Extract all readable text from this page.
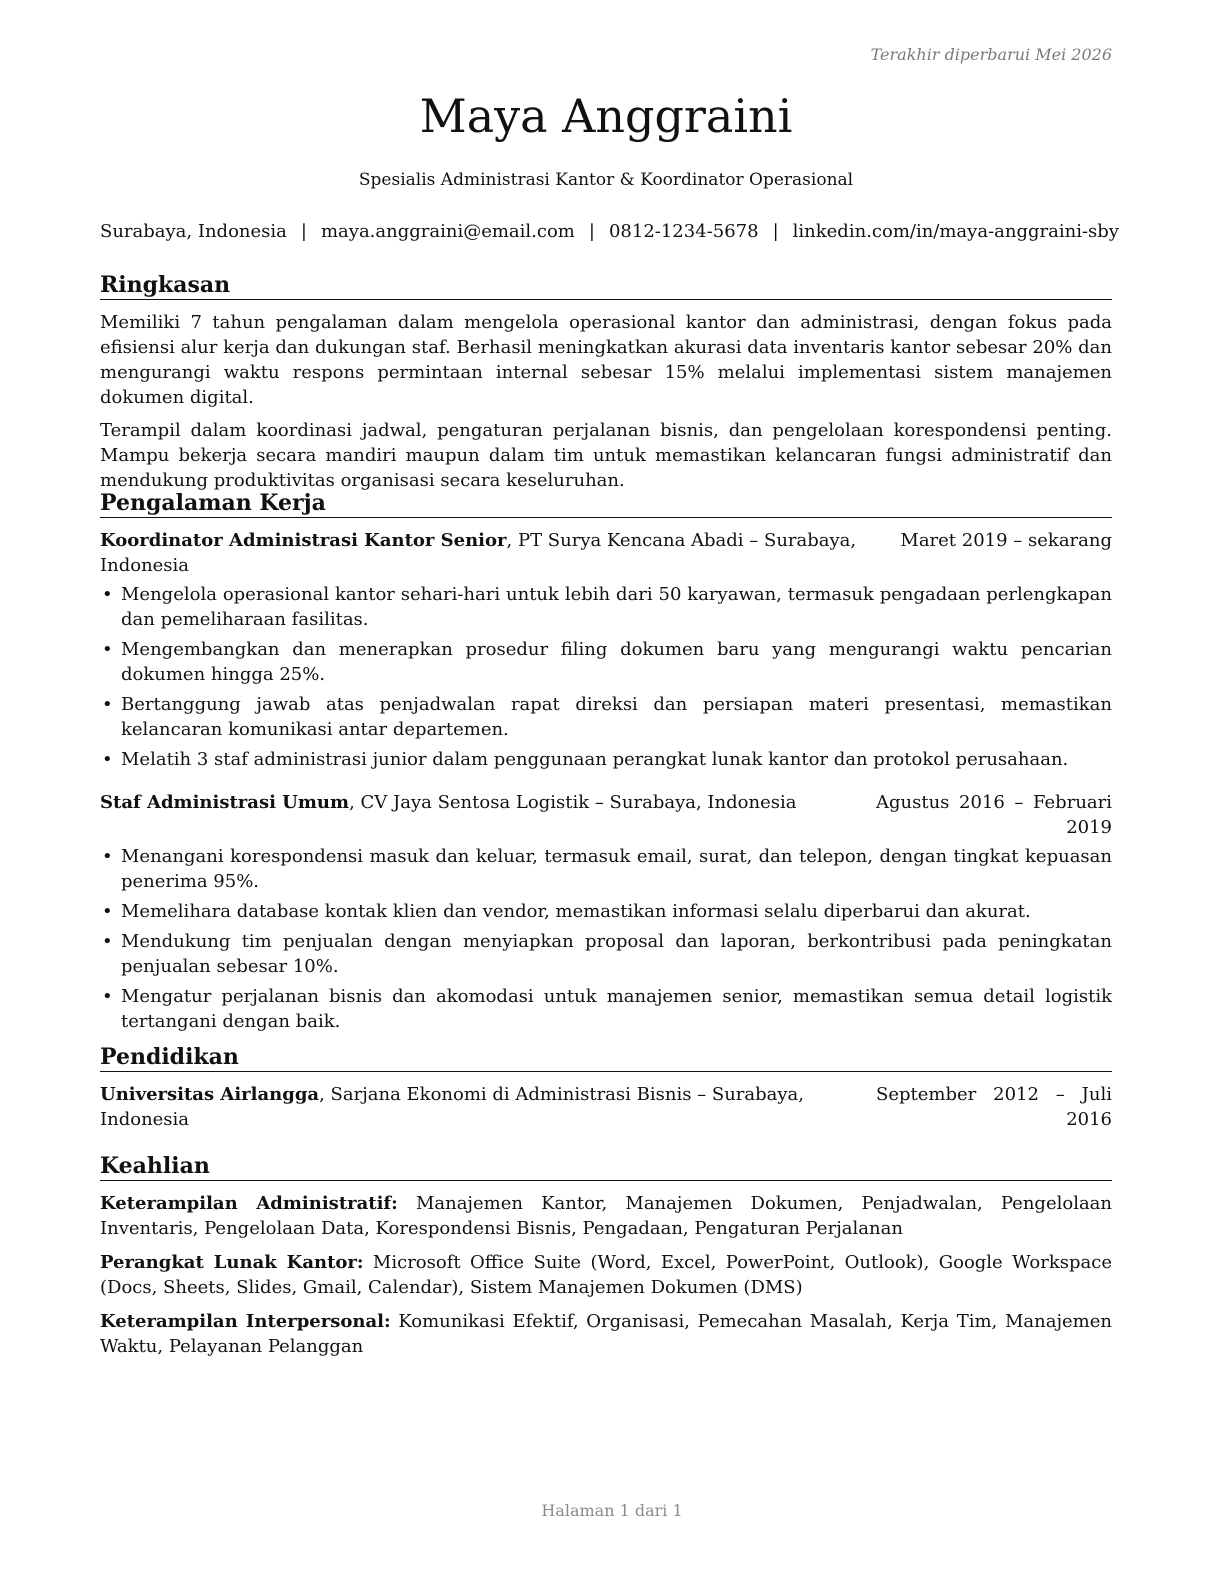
Terakhir diperbarui Mei 2026
Maya Anggraini
Spesialis Administrasi Kantor & Koordinator Operasional
Surabaya, Indonesia | maya.anggraini@email.com | 0812-1234-5678 | linkedin.com/in/maya-anggraini-sby
Ringkasan

Memiliki 7 tahun pengalaman dalam mengelola operasional kantor dan administrasi, dengan fokus pada efisiensi alur kerja dan dukungan staf. Berhasil meningkatkan akurasi data inventaris kantor sebesar 20% dan mengurangi waktu respons permintaan internal sebesar 15% melalui implementasi sistem manajemen dokumen digital.

Terampil dalam koordinasi jadwal, pengaturan perjalanan bisnis, dan pengelolaan korespondensi penting. Mampu bekerja secara mandiri maupun dalam tim untuk memastikan kelancaran fungsi administratif dan mendukung produktivitas organisasi secara keseluruhan.

Pengalaman Kerja
Koordinator Administrasi Kantor Senior, PT Surya Kencana Abadi – Surabaya, Indonesia
Maret 2019 – sekarang
• Mengelola operasional kantor sehari-hari untuk lebih dari 50 karyawan, termasuk pengadaan perlengkapan dan pemeliharaan fasilitas.
• Mengembangkan dan menerapkan prosedur filing dokumen baru yang mengurangi waktu pencarian dokumen hingga 25%.
• Bertanggung jawab atas penjadwalan rapat direksi dan persiapan materi presentasi, memastikan kelancaran komunikasi antar departemen.
• Melatih 3 staf administrasi junior dalam penggunaan perangkat lunak kantor dan protokol perusahaan.
Staf Administrasi Umum, CV Jaya Sentosa Logistik – Surabaya, Indonesia	Agustus 2016 – Februari 2019
• Menangani korespondensi masuk dan keluar, termasuk email, surat, dan telepon, dengan tingkat kepuasan penerima 95%.
• Memelihara database kontak klien dan vendor, memastikan informasi selalu diperbarui dan akurat.
• Mendukung tim penjualan dengan menyiapkan proposal dan laporan, berkontribusi pada peningkatan penjualan sebesar 10%.
• Mengatur perjalanan bisnis dan akomodasi untuk manajemen senior, memastikan semua detail logistik tertangani dengan baik.
Pendidikan
Universitas Airlangga, Sarjana Ekonomi di Administrasi Bisnis – Surabaya, Indonesia
September 2012 – Juli 2016
Keahlian

Keterampilan Administratif: Manajemen Kantor, Manajemen Dokumen, Penjadwalan, Pengelolaan Inventaris, Pengelolaan Data, Korespondensi Bisnis, Pengadaan, Pengaturan Perjalanan

Perangkat Lunak Kantor: Microsoft Office Suite (Word, Excel, PowerPoint, Outlook), Google Workspace (Docs, Sheets, Slides, Gmail, Calendar), Sistem Manajemen Dokumen (DMS)

Keterampilan Interpersonal: Komunikasi Efektif, Organisasi, Pemecahan Masalah, Kerja Tim, Manajemen Waktu, Pelayanan Pelanggan

Halaman 1 dari 1
